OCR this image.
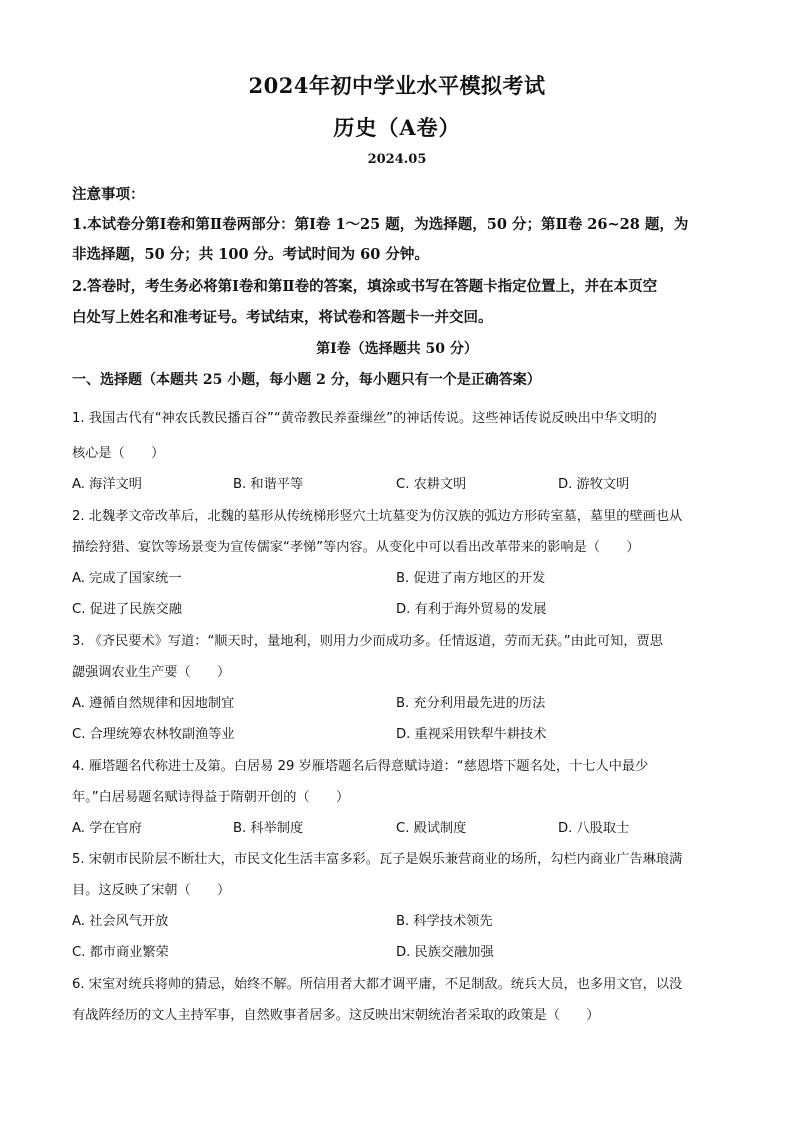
2024年初中学业水平模拟考试
历史（A卷）
2024.05
注意事项：
1.本试卷分第Ⅰ卷和第Ⅱ卷两部分：第Ⅰ卷 1～25 题，为选择题，50 分；第Ⅱ卷 26~28 题，为
非选择题，50 分；共 100 分。考试时间为 60 分钟。
2.答卷时，考生务必将第Ⅰ卷和第Ⅱ卷的答案，填涂或书写在答题卡指定位置上，并在本页空
白处写上姓名和准考证号。考试结束，将试卷和答题卡一并交回。
第Ⅰ卷（选择题共 50 分）
一、选择题（本题共 25 小题，每小题 2 分，每小题只有一个是正确答案）
1. 我国古代有“神农氏教民播百谷”“黄帝教民养蚕缫丝”的神话传说。这些神话传说反映出中华文明的
核心是（　　）
A. 海洋文明	B. 和谐平等	C. 农耕文明	D. 游牧文明
2. 北魏孝文帝改革后，北魏的墓形从传统梯形竖穴土坑墓变为仿汉族的弧边方形砖室墓，墓里的壁画也从
描绘狩猎、宴饮等场景变为宣传儒家“孝悌”等内容。从变化中可以看出改革带来的影响是（　　）
A. 完成了国家统一	B. 促进了南方地区的开发
C. 促进了民族交融	D. 有利于海外贸易的发展
3. 《齐民要术》写道：“顺天时，量地利，则用力少而成功多。任情返道，劳而无获。”由此可知，贾思
勰强调农业生产要（　　）
A. 遵循自然规律和因地制宜	B. 充分利用最先进的历法
C. 合理统筹农林牧副渔等业	D. 重视采用铁犁牛耕技术
4. 雁塔题名代称进士及第。白居易 29 岁雁塔题名后得意赋诗道：“慈恩塔下题名处，十七人中最少
年。”白居易题名赋诗得益于隋朝开创的（　　）
A. 学在官府	B. 科举制度	C. 殿试制度	D. 八股取士
5. 宋朝市民阶层不断壮大，市民文化生活丰富多彩。瓦子是娱乐兼营商业的场所，勾栏内商业广告琳琅满
目。这反映了宋朝（　　）
A. 社会风气开放	B. 科学技术领先
C. 都市商业繁荣	D. 民族交融加强
6. 宋室对统兵将帅的猜忌，始终不解。所信用者大都才调平庸，不足制敌。统兵大员，也多用文官，以没
有战阵经历的文人主持军事，自然败事者居多。这反映出宋朝统治者采取的政策是（　　）
